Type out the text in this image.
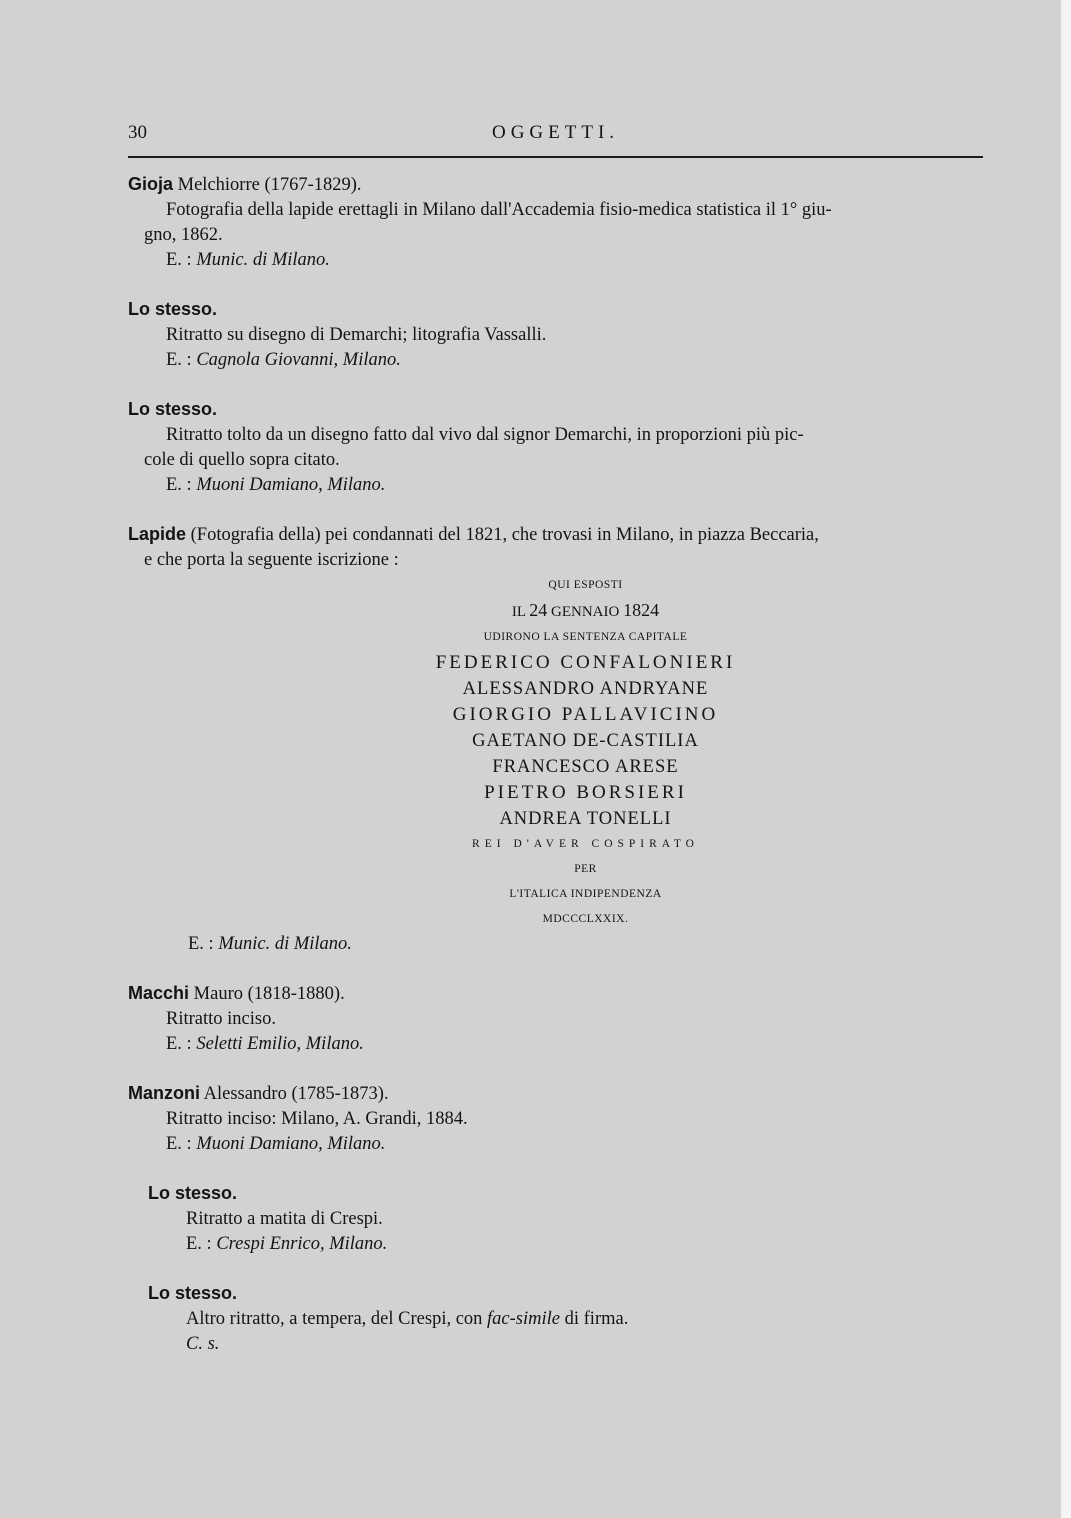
30	OGGETTI.

Gioja Melchiorre (1767-1829).

Fotografia della lapide erettagli in Milano dall'Accademia fisio-medica statistica il 1° giu-

gno, 1862.

E. : Munic. di Milano.

Lo stesso.

Ritratto su disegno di Demarchi; litografia Vassalli.

E. : Cagnola Giovanni, Milano.

Lo stesso.

Ritratto tolto da un disegno fatto dal vivo dal signor Demarchi, in proporzioni più pic-

cole di quello sopra citato.

E. : Muoni Damiano, Milano.

Lapide (Fotografia della) pei condannati del 1821, che trovasi in Milano, in piazza Beccaria,

e che porta la seguente iscrizione :

QUI ESPOSTI

IL 24 GENNAIO 1824

UDIRONO LA SENTENZA CAPITALE

FEDERICO CONFALONIERI

ALESSANDRO ANDRYANE

GIORGIO PALLAVICINO

GAETANO DE-CASTILIA

FRANCESCO ARESE

PIETRO BORSIERI

ANDREA TONELLI

REI D'AVER COSPIRATO

PER

L'ITALICA INDIPENDENZA

MDCCCLXXIX.

E. : Munic. di Milano.

Macchi Mauro (1818-1880).

Ritratto inciso.

E. : Seletti Emilio, Milano.

Manzoni Alessandro (1785-1873).

Ritratto inciso: Milano, A. Grandi, 1884.

E. : Muoni Damiano, Milano.

Lo stesso.

Ritratto a matita di Crespi.

E. : Crespi Enrico, Milano.

Lo stesso.

Altro ritratto, a tempera, del Crespi, con fac-simile di firma.

C. s.
